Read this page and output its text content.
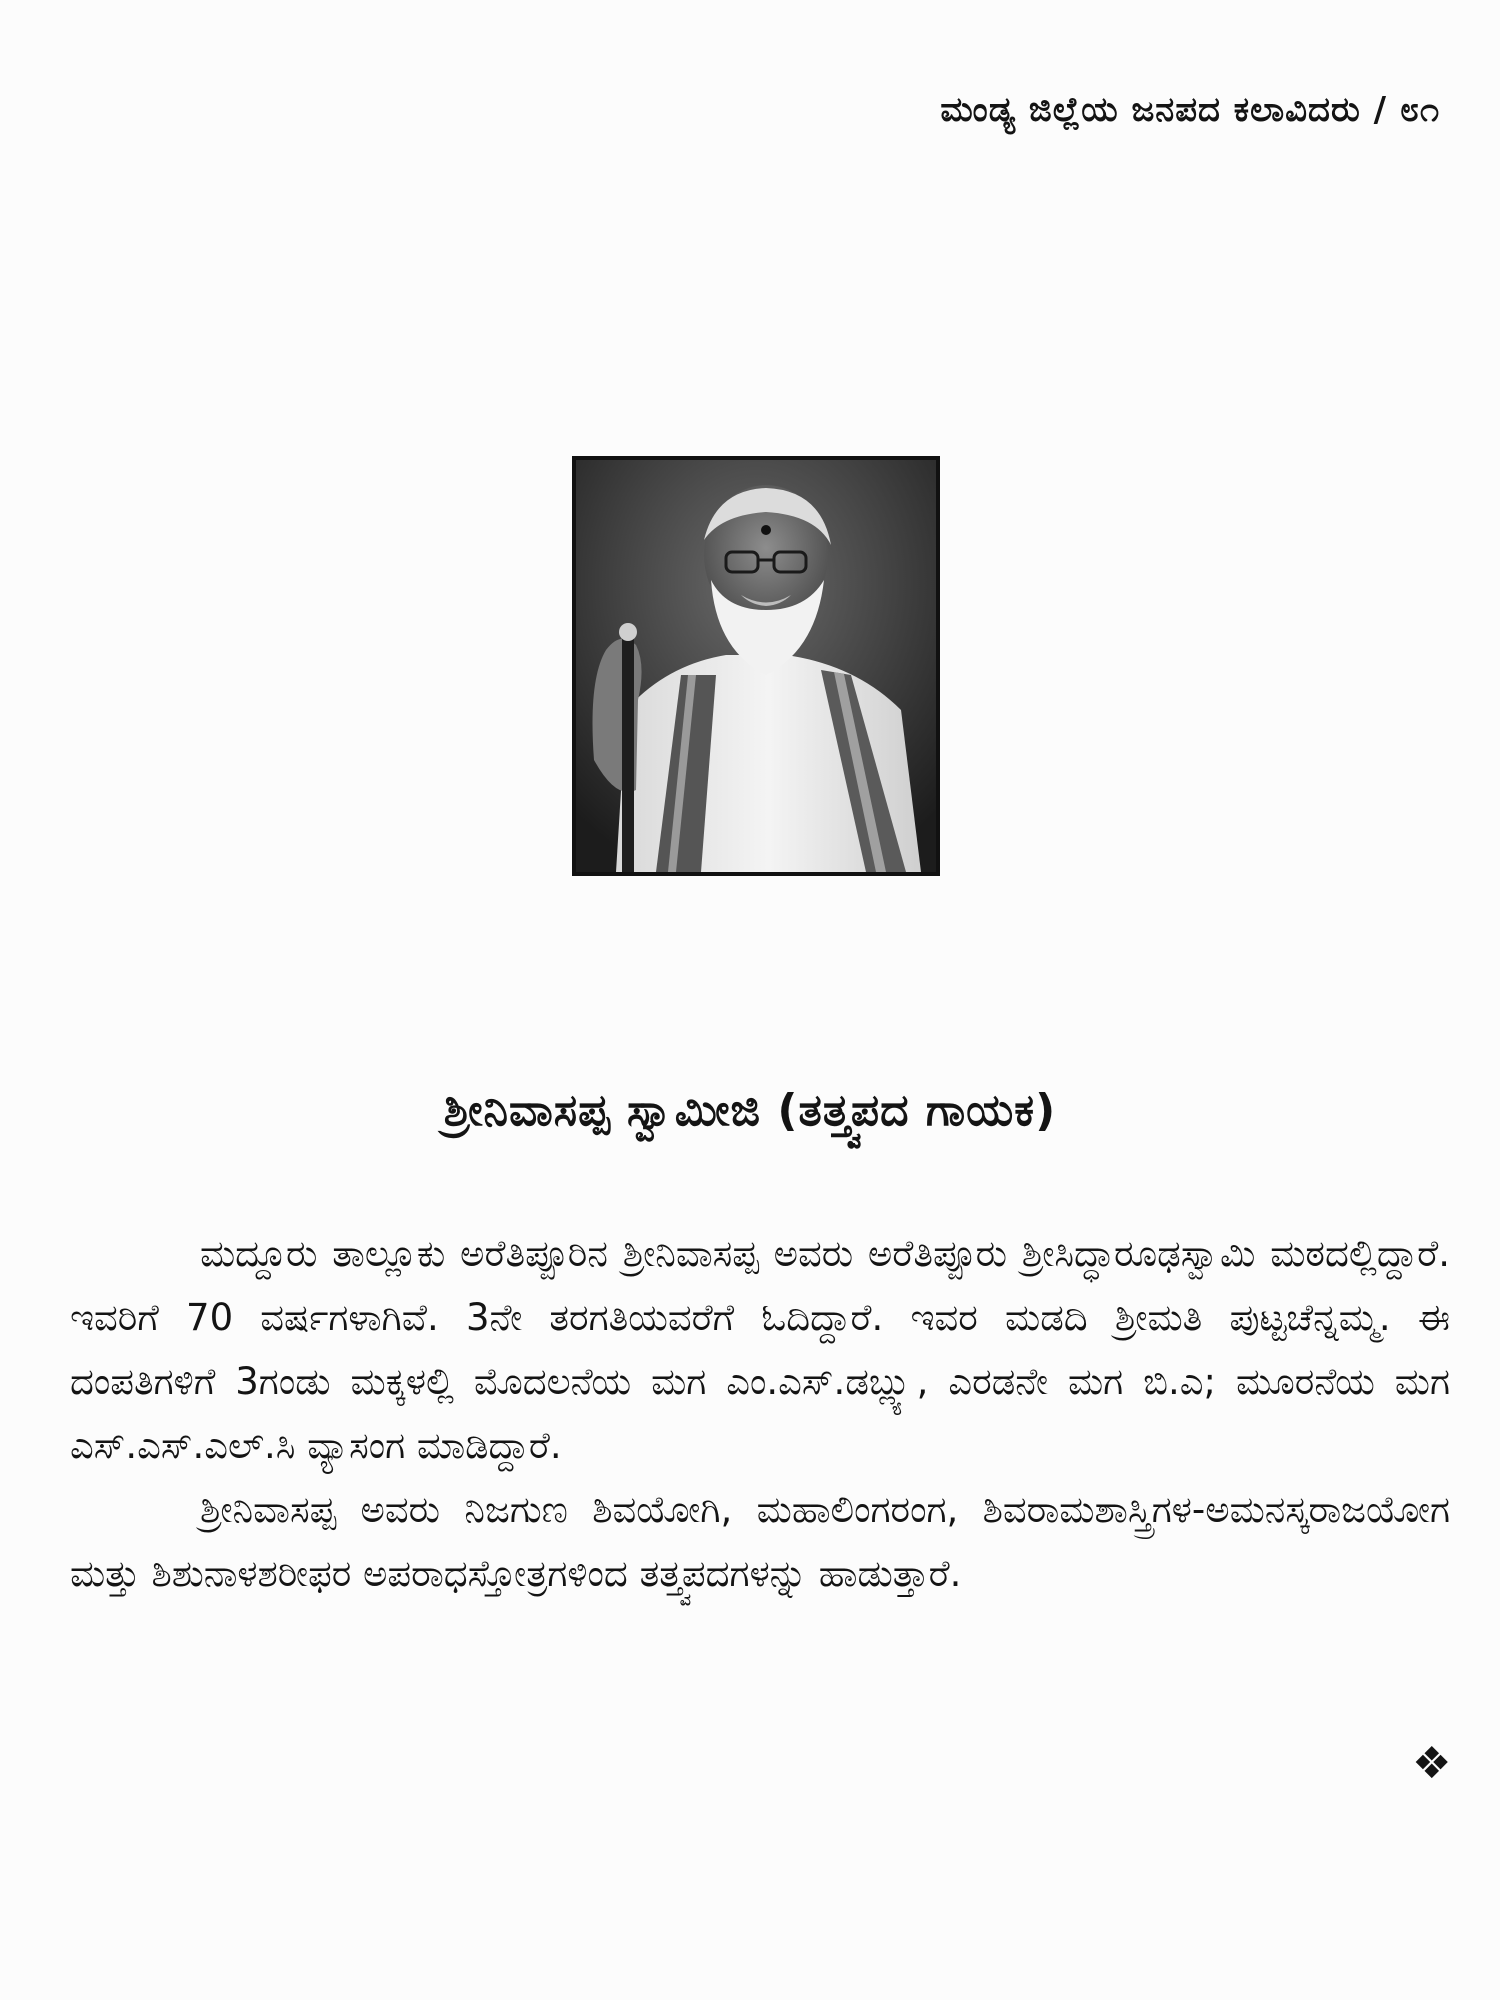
ಮಂಡ್ಯ ಜಿಲ್ಲೆಯ ಜನಪದ ಕಲಾವಿದರು / ೮೧
ಶ್ರೀನಿವಾಸಪ್ಪ ಸ್ವಾಮೀಜಿ (ತತ್ತ್ವಪದ ಗಾಯಕ)

ಮದ್ದೂರು ತಾಲ್ಲೂಕು ಅರೆತಿಪ್ಪೂರಿನ ಶ್ರೀನಿವಾಸಪ್ಪ ಅವರು ಅರೆತಿಪ್ಪೂರು ಶ್ರೀಸಿದ್ಧಾರೂಢಸ್ವಾಮಿ ಮಠದಲ್ಲಿದ್ದಾರೆ. ಇವರಿಗೆ 70 ವರ್ಷಗಳಾಗಿವೆ. 3ನೇ ತರಗತಿಯವರೆಗೆ ಓದಿದ್ದಾರೆ. ಇವರ ಮಡದಿ ಶ್ರೀಮತಿ ಪುಟ್ಟಚೆನ್ನಮ್ಮ. ಈ ದಂಪತಿಗಳಿಗೆ 3ಗಂಡು ಮಕ್ಕಳಲ್ಲಿ ಮೊದಲನೆಯ ಮಗ ಎಂ.ಎಸ್.ಡಬ್ಲ್ಯು, ಎರಡನೇ ಮಗ ಬಿ.ಎ; ಮೂರನೆಯ ಮಗ ಎಸ್.ಎಸ್.ಎಲ್.ಸಿ ವ್ಯಾಸಂಗ ಮಾಡಿದ್ದಾರೆ.

ಶ್ರೀನಿವಾಸಪ್ಪ ಅವರು ನಿಜಗುಣ ಶಿವಯೋಗಿ, ಮಹಾಲಿಂಗರಂಗ, ಶಿವರಾಮಶಾಸ್ತ್ರಿಗಳ-ಅಮನಸ್ಕರಾಜಯೋಗ ಮತ್ತು ಶಿಶುನಾಳಶರೀಫರ ಅಪರಾಧಸ್ತೋತ್ರಗಳಿಂದ ತತ್ತ್ವಪದಗಳನ್ನು ಹಾಡುತ್ತಾರೆ.

❖
